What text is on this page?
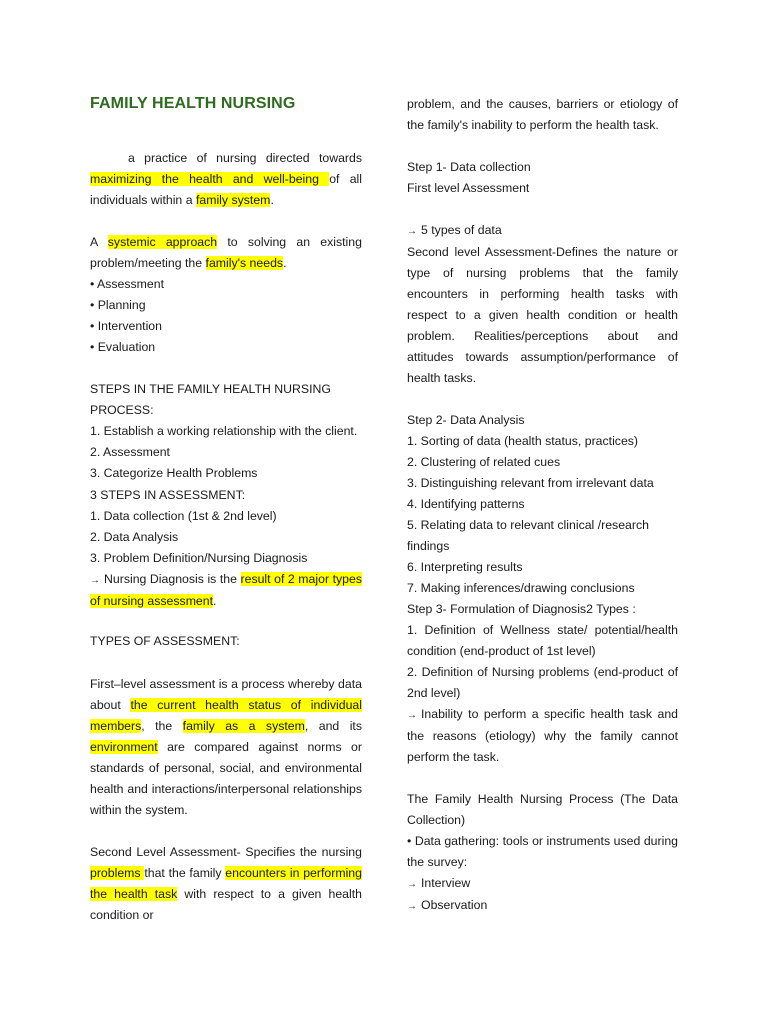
FAMILY HEALTH NURSING

a practice of nursing directed towards maximizing the health and well-being of all individuals within a family system.

A systemic approach to solving an existing problem/meeting the family's needs.

• Assessment

• Planning

• Intervention

• Evaluation

STEPS IN THE FAMILY HEALTH NURSING PROCESS:

1. Establish a working relationship with the client.

2. Assessment

3. Categorize Health Problems

3 STEPS IN ASSESSMENT:

1. Data collection (1st & 2nd level)

2. Data Analysis

3. Problem Definition/Nursing Diagnosis

→ Nursing Diagnosis is the result of 2 major types of nursing assessment.

TYPES OF ASSESSMENT:

First–level assessment is a process whereby data about the current health status of individual members, the family as a system, and its environment are compared against norms or standards of personal, social, and environmental health and interactions/interpersonal relationships within the system.

Second Level Assessment- Specifies the nursing problems that the family encounters in performing the health task with respect to a given health condition or

problem, and the causes, barriers or etiology of the family's inability to perform the health task.

Step 1- Data collection

First level Assessment

→ 5 types of data

Second level Assessment-Defines the nature or type of nursing problems that the family encounters in performing health tasks with respect to a given health condition or health problem. Realities/perceptions about and attitudes towards assumption/performance of health tasks.

Step 2- Data Analysis

1. Sorting of data (health status, practices)

2. Clustering of related cues

3. Distinguishing relevant from irrelevant data

4. Identifying patterns

5. Relating data to relevant clinical /research findings

6. Interpreting results

7. Making inferences/drawing conclusions

Step 3- Formulation of Diagnosis2 Types :

1. Definition of Wellness state/ potential/health condition (end-product of 1st level)

2. Definition of Nursing problems (end-product of 2nd level)

→ Inability to perform a specific health task and the reasons (etiology) why the family cannot perform the task.

The Family Health Nursing Process (The Data Collection)

• Data gathering: tools or instruments used during the survey:

→ Interview

→ Observation
